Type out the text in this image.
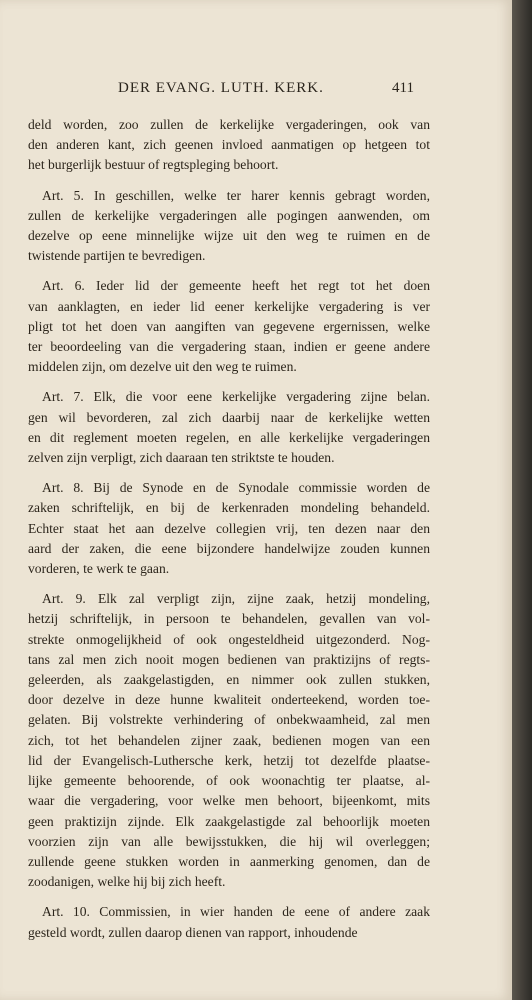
DER EVANG. LUTH. KERK.	411
deld worden, zoo zullen de kerkelijke vergaderingen, ook van
den anderen kant, zich geenen invloed aanmatigen op hetgeen tot
het burgerlijk bestuur of regtspleging behoort.
Art. 5. In geschillen, welke ter harer kennis gebragt worden,
zullen de kerkelijke vergaderingen alle pogingen aanwenden, om
dezelve op eene minnelijke wijze uit den weg te ruimen en de
twistende partijen te bevredigen.
Art. 6. Ieder lid der gemeente heeft het regt tot het doen
van aanklagten, en ieder lid eener kerkelijke vergadering is ver
pligt tot het doen van aangiften van gegevene ergernissen, welke
ter beoordeeling van die vergadering staan, indien er geene andere
middelen zijn, om dezelve uit den weg te ruimen.
Art. 7. Elk, die voor eene kerkelijke vergadering zijne belan.
gen wil bevorderen, zal zich daarbij naar de kerkelijke wetten
en dit reglement moeten regelen, en alle kerkelijke vergaderingen
zelven zijn verpligt, zich daaraan ten striktste te houden.
Art. 8. Bij de Synode en de Synodale commissie worden de
zaken schriftelijk, en bij de kerkenraden mondeling behandeld.
Echter staat het aan dezelve collegien vrij, ten dezen naar den
aard der zaken, die eene bijzondere handelwijze zouden kunnen
vorderen, te werk te gaan.
Art. 9. Elk zal verpligt zijn, zijne zaak, hetzij mondeling,
hetzij schriftelijk, in persoon te behandelen, gevallen van vol-
strekte onmogelijkheid of ook ongesteldheid uitgezonderd. Nog-
tans zal men zich nooit mogen bedienen van praktizijns of regts-
geleerden, als zaakgelastigden, en nimmer ook zullen stukken,
door dezelve in deze hunne kwaliteit onderteekend, worden toe-
gelaten. Bij volstrekte verhindering of onbekwaamheid, zal men
zich, tot het behandelen zijner zaak, bedienen mogen van een
lid der Evangelisch-Luthersche kerk, hetzij tot dezelfde plaatse-
lijke gemeente behoorende, of ook woonachtig ter plaatse, al-
waar die vergadering, voor welke men behoort, bijeenkomt, mits
geen praktizijn zijnde. Elk zaakgelastigde zal behoorlijk moeten
voorzien zijn van alle bewijsstukken, die hij wil overleggen;
zullende geene stukken worden in aanmerking genomen, dan de
zoodanigen, welke hij bij zich heeft.
Art. 10. Commissien, in wier handen de eene of andere zaak
gesteld wordt, zullen daarop dienen van rapport, inhoudende
